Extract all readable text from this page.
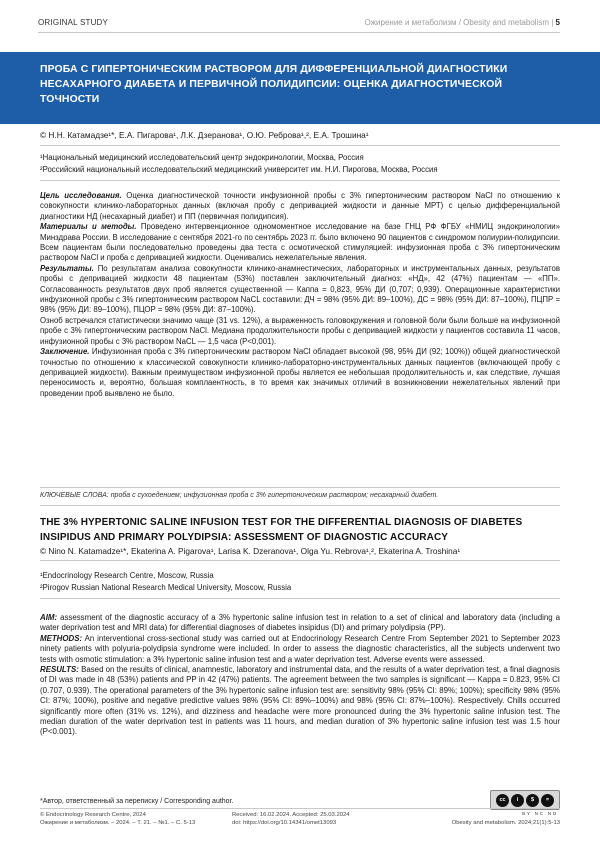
ORIGINAL STUDY	Ожирение и метаболизм / Obesity and metabolism | 5
ПРОБА С ГИПЕРТОНИЧЕСКИМ РАСТВОРОМ ДЛЯ ДИФФЕРЕНЦИАЛЬНОЙ ДИАГНОСТИКИ НЕСАХАРНОГО ДИАБЕТА И ПЕРВИЧНОЙ ПОЛИДИПСИИ: ОЦЕНКА ДИАГНОСТИЧЕСКОЙ ТОЧНОСТИ
© Н.Н. Катамадзе¹*, Е.А. Пигарова¹, Л.К. Дзеранова¹, О.Ю. Реброва¹,², Е.А. Трошина¹

¹Национальный медицинский исследовательский центр эндокринологии, Москва, Россия

²Российский национальный исследовательский медицинский университет им. Н.И. Пирогова, Москва, Россия

Цель исследования. Оценка диагностической точности инфузионной пробы с 3% гипертоническим раствором NaCl по отношению к совокупности клинико-лабораторных данных (включая пробу с депривацией жидкости и данные МРТ) с целью дифференциальной диагностики НД (несахарный диабет) и ПП (первичная полидипсия).

Материалы и методы. Проведено интервенционное одномоментное исследование на базе ГНЦ РФ ФГБУ «НМИЦ эндокринологии» Минздрава России. В исследование с сентября 2021-го по сентябрь 2023 гг. было включено 90 пациентов с синдромом полиурии-полидипсии. Всем пациентам были последовательно проведены два теста с осмотической стимуляцией: инфузионная проба с 3% гипертоническим раствором NaCl и проба с депривацией жидкости. Оценивались нежелательные явления.

Результаты. По результатам анализа совокупности клинико-анамнестических, лабораторных и инструментальных данных, результатов пробы с депривацией жидкости 48 пациентам (53%) поставлен заключительный диагноз: «НД», 42 (47%) пациентам — «ПП». Согласованность результатов двух проб является существенной — Каппа = 0,823, 95% ДИ (0,707; 0,939). Операционные характеристики инфузионной пробы с 3% гипертоническим раствором NaCL составили: ДЧ = 98% (95% ДИ: 89–100%), ДС = 98% (95% ДИ: 87–100%), ПЦПР = 98% (95% ДИ: 89–100%), ПЦОР = 98% (95% ДИ: 87–100%).

Озноб встречался статистически значимо чаще (31 vs. 12%), а выраженность головокружения и головной боли были больше на инфузионной пробе с 3% гипертоническим раствором NaCl. Медиана продолжительности пробы с депривацией жидкости у пациентов составила 11 часов, инфузионной пробы с 3% раствором NaCL — 1,5 часа (P<0,001).

Заключение. Инфузионная проба с 3% гипертоническим раствором NaCl обладает высокой (98, 95% ДИ (92; 100%)) общей диагностической точностью по отношению к классической совокупности клинико-лабораторно-инструментальных данных пациентов (включающей пробу с депривацией жидкости). Важным преимуществом инфузионной пробы является ее небольшая продолжительность и, как следствие, лучшая переносимость и, вероятно, большая комплаентность, в то время как значимых отличий в возникновении нежелательных явлений при проведении проб выявлено не было.

КЛЮЧЕВЫЕ СЛОВА: проба с сухоедением; инфузионная проба с 3% гипертоническим раствором; несахарный диабет.
THE 3% HYPERTONIC SALINE INFUSION TEST FOR THE DIFFERENTIAL DIAGNOSIS OF DIABETES INSIPIDUS AND PRIMARY POLYDIPSIA: ASSESSMENT OF DIAGNOSTIC ACCURACY
© Nino N. Katamadze¹*, Ekaterina A. Pigarova¹, Larisa K. Dzeranova¹, Olga Yu. Rebrova¹,², Ekaterina A. Troshina¹

¹Endocrinology Research Centre, Moscow, Russia

²Pirogov Russian National Research Medical University, Moscow, Russia

AIM: assessment of the diagnostic accuracy of a 3% hypertonic saline infusion test in relation to a set of clinical and laboratory data (including a water deprivation test and MRI data) for differential diagnoses of diabetes insipidus (DI) and primary polydipsia (PP).

METHODS: An interventional cross-sectional study was carried out at Endocrinology Research Centre From September 2021 to September 2023 ninety patients with polyuria-polydipsia syndrome were included. In order to assess the diagnostic characteristics, all the subjects underwent two tests with osmotic stimulation: a 3% hypertonic saline infusion test and a water deprivation test. Adverse events were assessed.

RESULTS: Based on the results of clinical, anamnestic, laboratory and instrumental data, and the results of a water deprivation test, a final diagnosis of DI was made in 48 (53%) patients and PP in 42 (47%) patients. The agreement between the two samples is significant — Kappa = 0.823, 95% CI (0.707, 0.939). The operational parameters of the 3% hypertonic saline infusion test are: sensitivity 98% (95% CI: 89%; 100%); specificity 98% (95% CI: 87%; 100%), positive and negative predictive values 98% (95% CI: 89%–100%) and 98% (95% CI: 87%–100%). Respectively. Chills occurred significantly more often (31% vs. 12%), and dizziness and headache were more pronounced during the 3% hypertonic saline infusion test. The median duration of the water deprivation test in patients was 11 hours, and median duration of 3% hypertonic saline infusion test was 1.5 hour (P<0.001).

*Автор, ответственный за переписку / Corresponding author.	cc	i	$	=
BY NC ND
© Endocrinology Research Centre, 2024
Ожирение и метаболизм. – 2024. – Т. 21. – №1. – С. 5-13
Received: 16.02.2024. Accepted: 25.03.2024
doi: https://doi.org/10.14341/omet13093	Obesity and metabolism. 2024;21(1):5-13
